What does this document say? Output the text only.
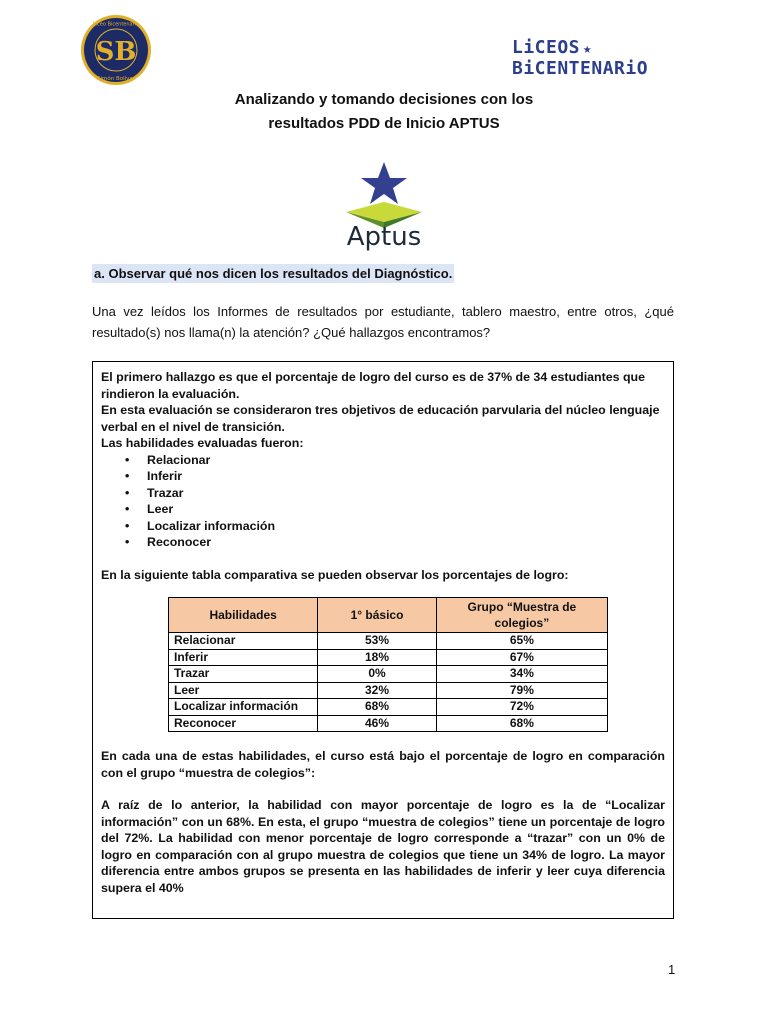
SB
Liceo Bicentenario
Simón Bolívar
LiCEOS ★
BiCENTENARiO
Analizando y tomando decisiones con los
resultados PDD de Inicio APTUS
Aptus
a. Observar qué nos dicen los resultados del Diagnóstico.
Una vez leídos los Informes de resultados por estudiante, tablero maestro, entre otros, ¿qué resultado(s) nos llama(n) la atención? ¿Qué hallazgos encontramos?

El primero hallazgo es que el porcentaje de logro del curso es de 37% de 34 estudiantes que rindieron la evaluación.

En esta evaluación se consideraron tres objetivos de educación parvularia del núcleo lenguaje verbal en el nivel de transición.

Las habilidades evaluadas fueron:

• Relacionar
• Inferir
• Trazar
• Leer
• Localizar información
• Reconocer

En la siguiente tabla comparativa se pueden observar los porcentajes de logro:

Habilidades	1° básico	Grupo “Muestra de colegios”
Relacionar	53%	65%
Inferir	18%	67%
Trazar	0%	34%
Leer	32%	79%
Localizar información	68%	72%
Reconocer	46%	68%

En cada una de estas habilidades, el curso está bajo el porcentaje de logro en comparación con el grupo “muestra de colegios”:

A raíz de lo anterior, la habilidad con mayor porcentaje de logro es la de “Localizar información” con un 68%. En esta, el grupo “muestra de colegios” tiene un porcentaje de logro del 72%. La habilidad con menor porcentaje de logro corresponde a “trazar” con un 0% de logro en comparación con al grupo muestra de colegios que tiene un 34% de logro. La mayor diferencia entre ambos grupos se presenta en las habilidades de inferir y leer cuya diferencia supera el 40%

1
